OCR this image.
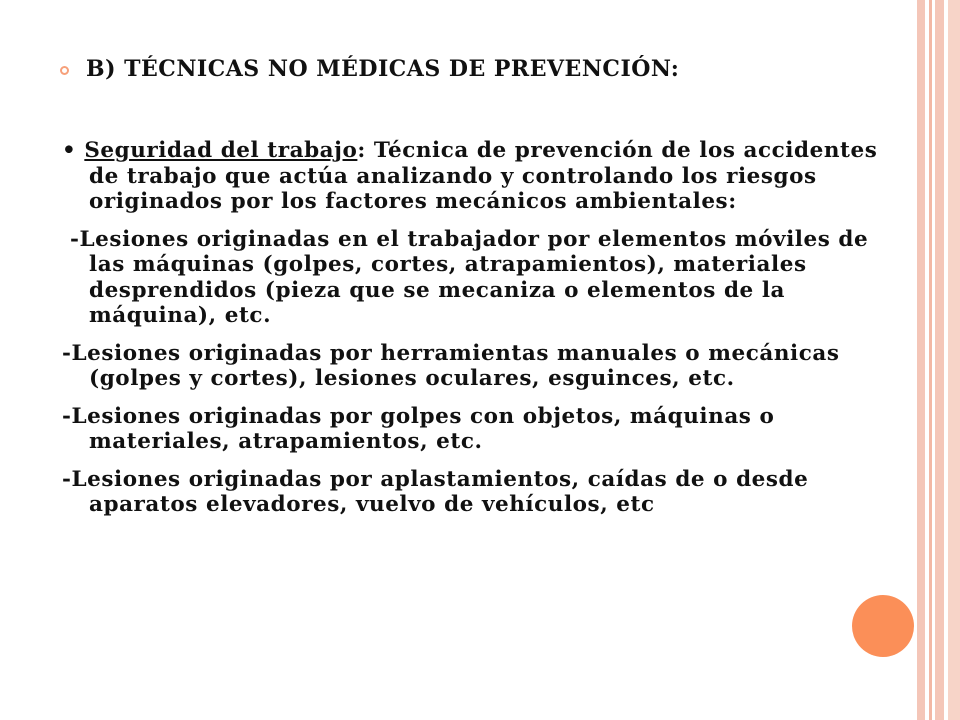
B) TÉCNICAS NO MÉDICAS DE PREVENCIÓN:

• Seguridad del trabajo: Técnica de prevención de los accidentes de trabajo que actúa analizando y controlando los riesgos originados por los factores mecánicos ambientales:

-Lesiones originadas en el trabajador por elementos móviles de las máquinas (golpes, cortes, atrapamientos), materiales desprendidos (pieza que se mecaniza o elementos de la máquina), etc.

-Lesiones originadas por herramientas manuales o mecánicas (golpes y cortes), lesiones oculares, esguinces, etc.

-Lesiones originadas por golpes con objetos, máquinas o materiales, atrapamientos, etc.

-Lesiones originadas por aplastamientos, caídas de o desde aparatos elevadores, vuelvo de vehículos, etc
